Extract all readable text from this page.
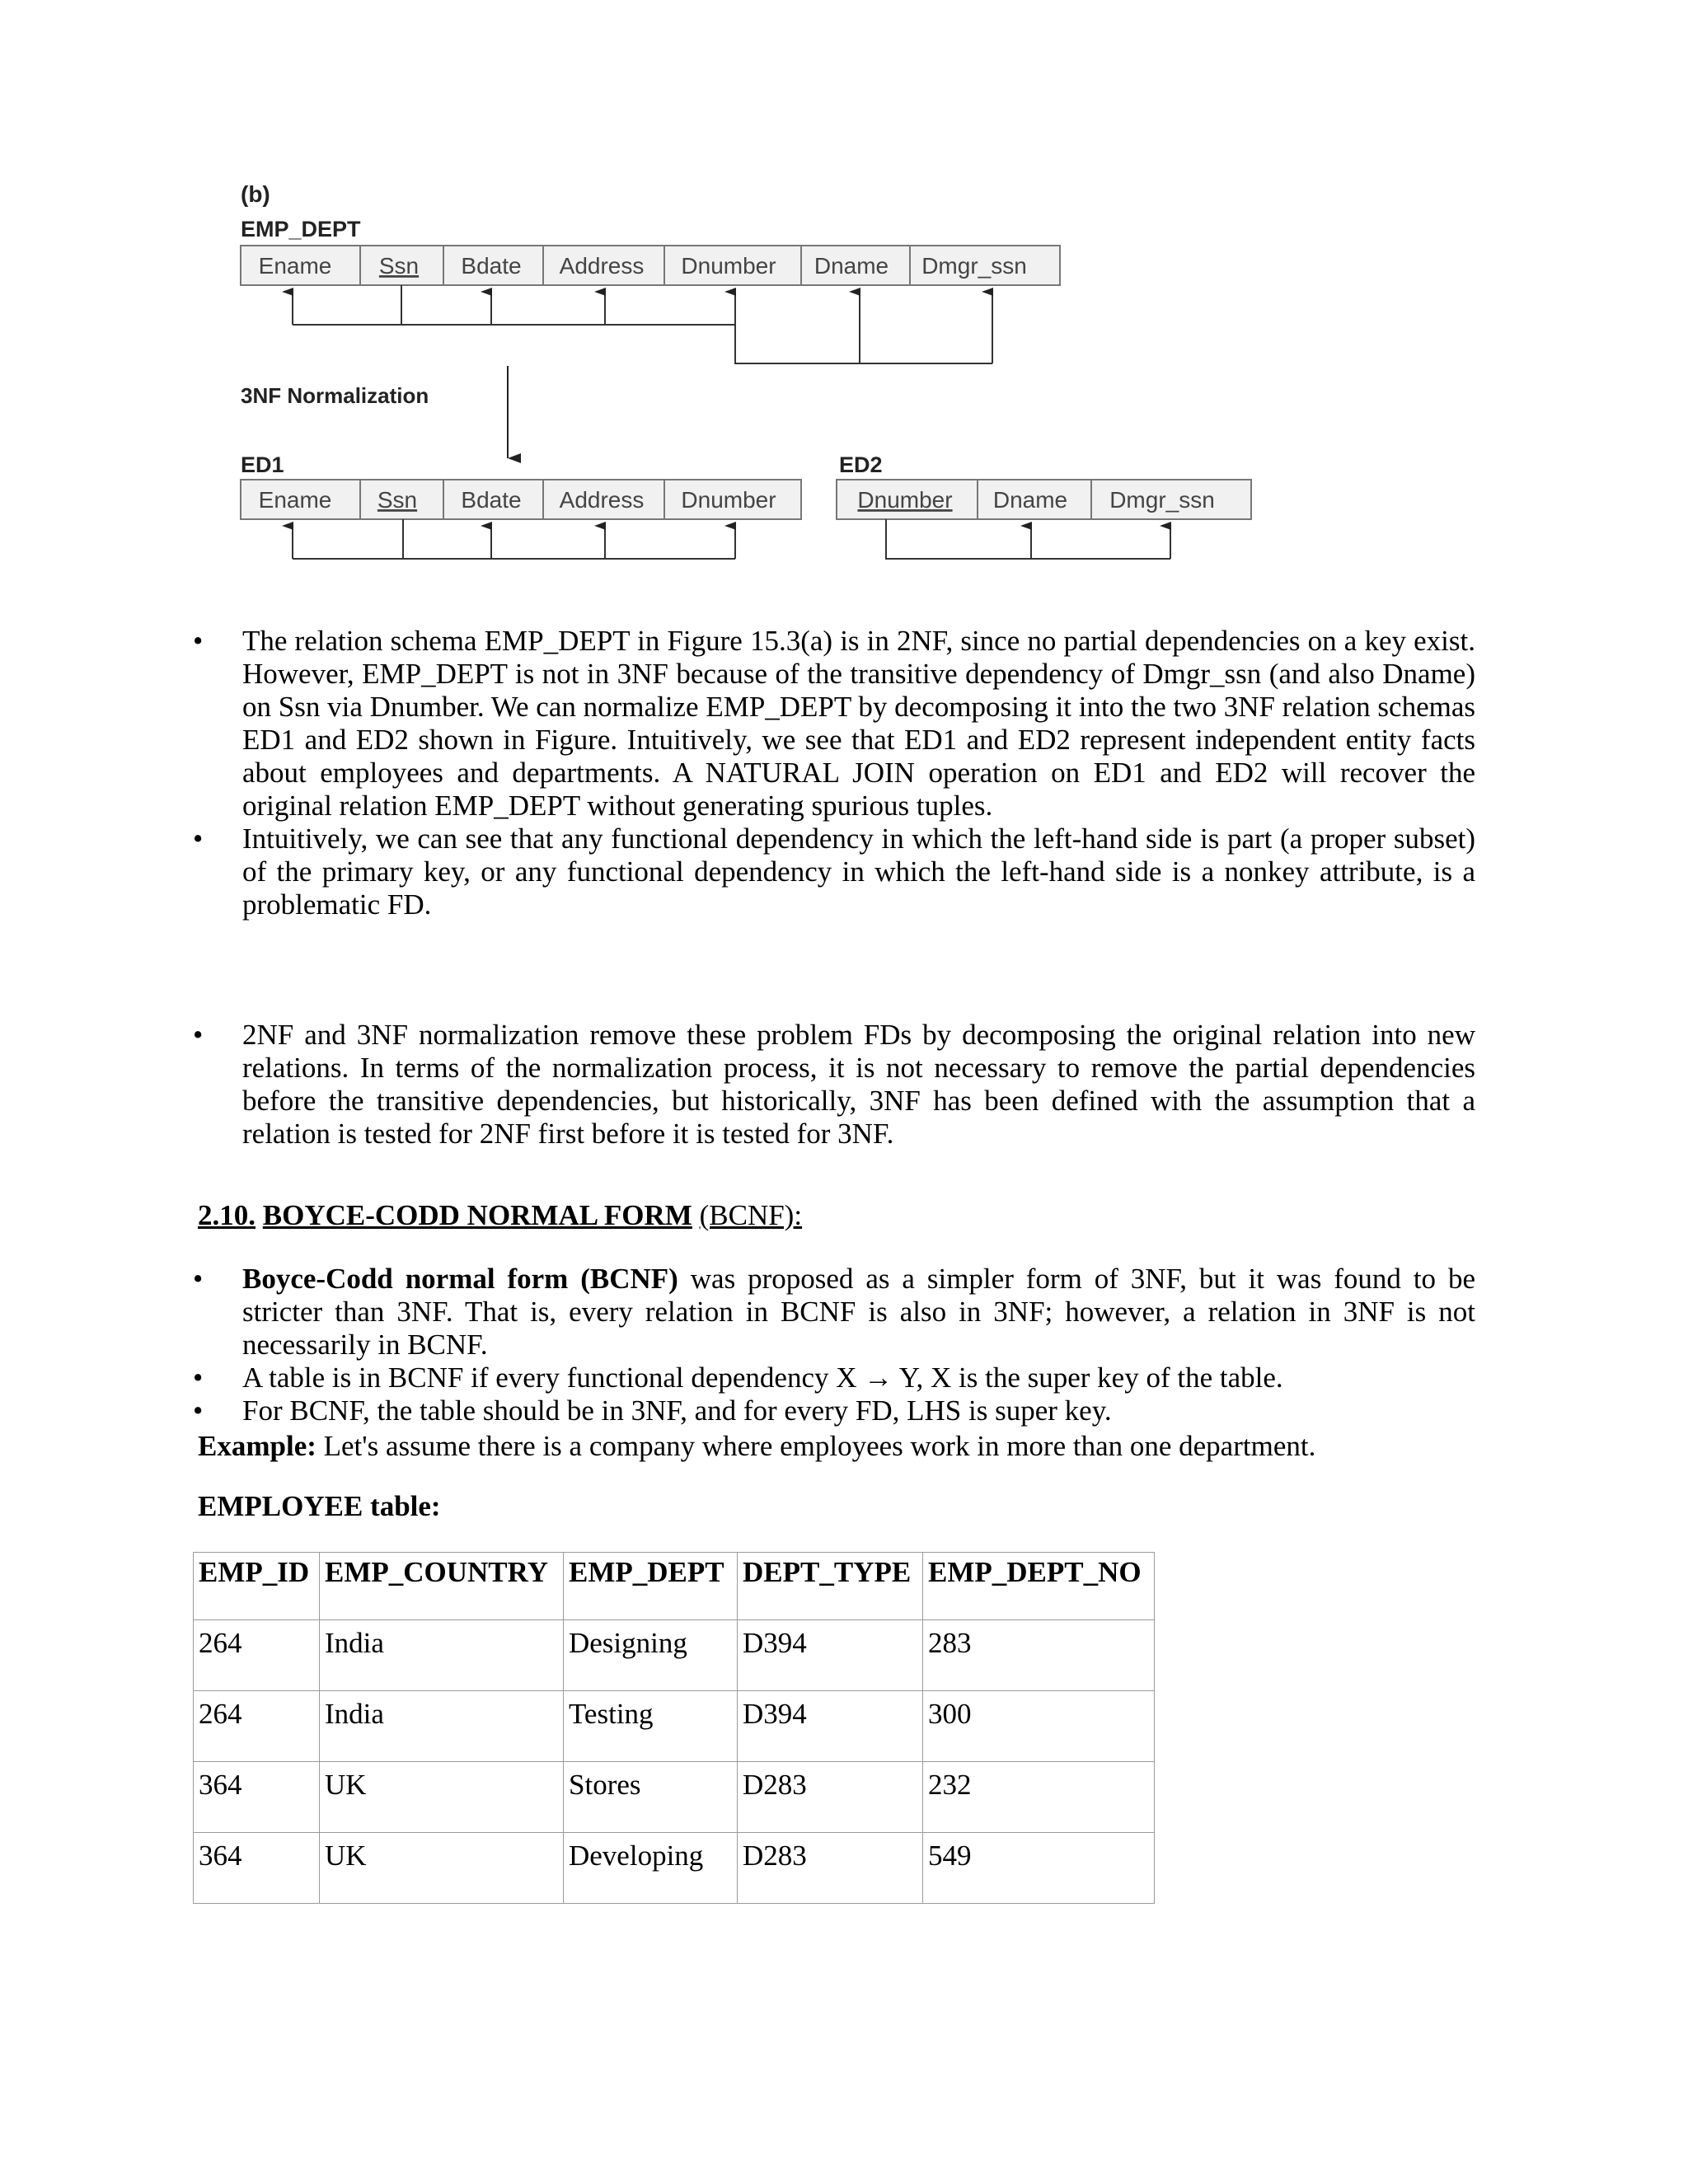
(b)
EMP_DEPT
3NF Normalization
ED1	ED2
Ename Ssn Bdate Address Dnumber Dname Dmgr_ssn
Ename Ssn Bdate Address Dnumber	Dnumber Dname Dmgr_ssn
• The relation schema EMP_DEPT in Figure 15.3(a) is in 2NF, since no partial dependencies on a key exist. However, EMP_DEPT is not in 3NF because of the transitive dependency of Dmgr_ssn (and also Dname) on Ssn via Dnumber. We can normalize EMP_DEPT by decomposing it into the two 3NF relation schemas ED1 and ED2 shown in Figure. Intuitively, we see that ED1 and ED2 represent independent entity facts about employees and departments. A NATURAL JOIN operation on ED1 and ED2 will recover the original relation EMP_DEPT without generating spurious tuples.
• Intuitively, we can see that any functional dependency in which the left-hand side is part (a proper subset) of the primary key, or any functional dependency in which the left-hand side is a nonkey attribute, is a problematic FD.
• 2NF and 3NF normalization remove these problem FDs by decomposing the original relation into new relations. In terms of the normalization process, it is not necessary to remove the partial dependencies before the transitive dependencies, but historically, 3NF has been defined with the assumption that a relation is tested for 2NF first before it is tested for 3NF.
2.10. BOYCE-CODD NORMAL FORM (BCNF):
• Boyce-Codd normal form (BCNF) was proposed as a simpler form of 3NF, but it was found to be stricter than 3NF. That is, every relation in BCNF is also in 3NF; however, a relation in 3NF is not necessarily in BCNF.
• A table is in BCNF if every functional dependency X → Y, X is the super key of the table.
• For BCNF, the table should be in 3NF, and for every FD, LHS is super key.
Example: Let's assume there is a company where employees work in more than one department.
EMPLOYEE table:
EMP_ID	EMP_COUNTRY	EMP_DEPT	DEPT_TYPE	EMP_DEPT_NO
264	India	Designing	D394	283
264	India	Testing	D394	300
364	UK	Stores	D283	232
364	UK	Developing	D283	549
